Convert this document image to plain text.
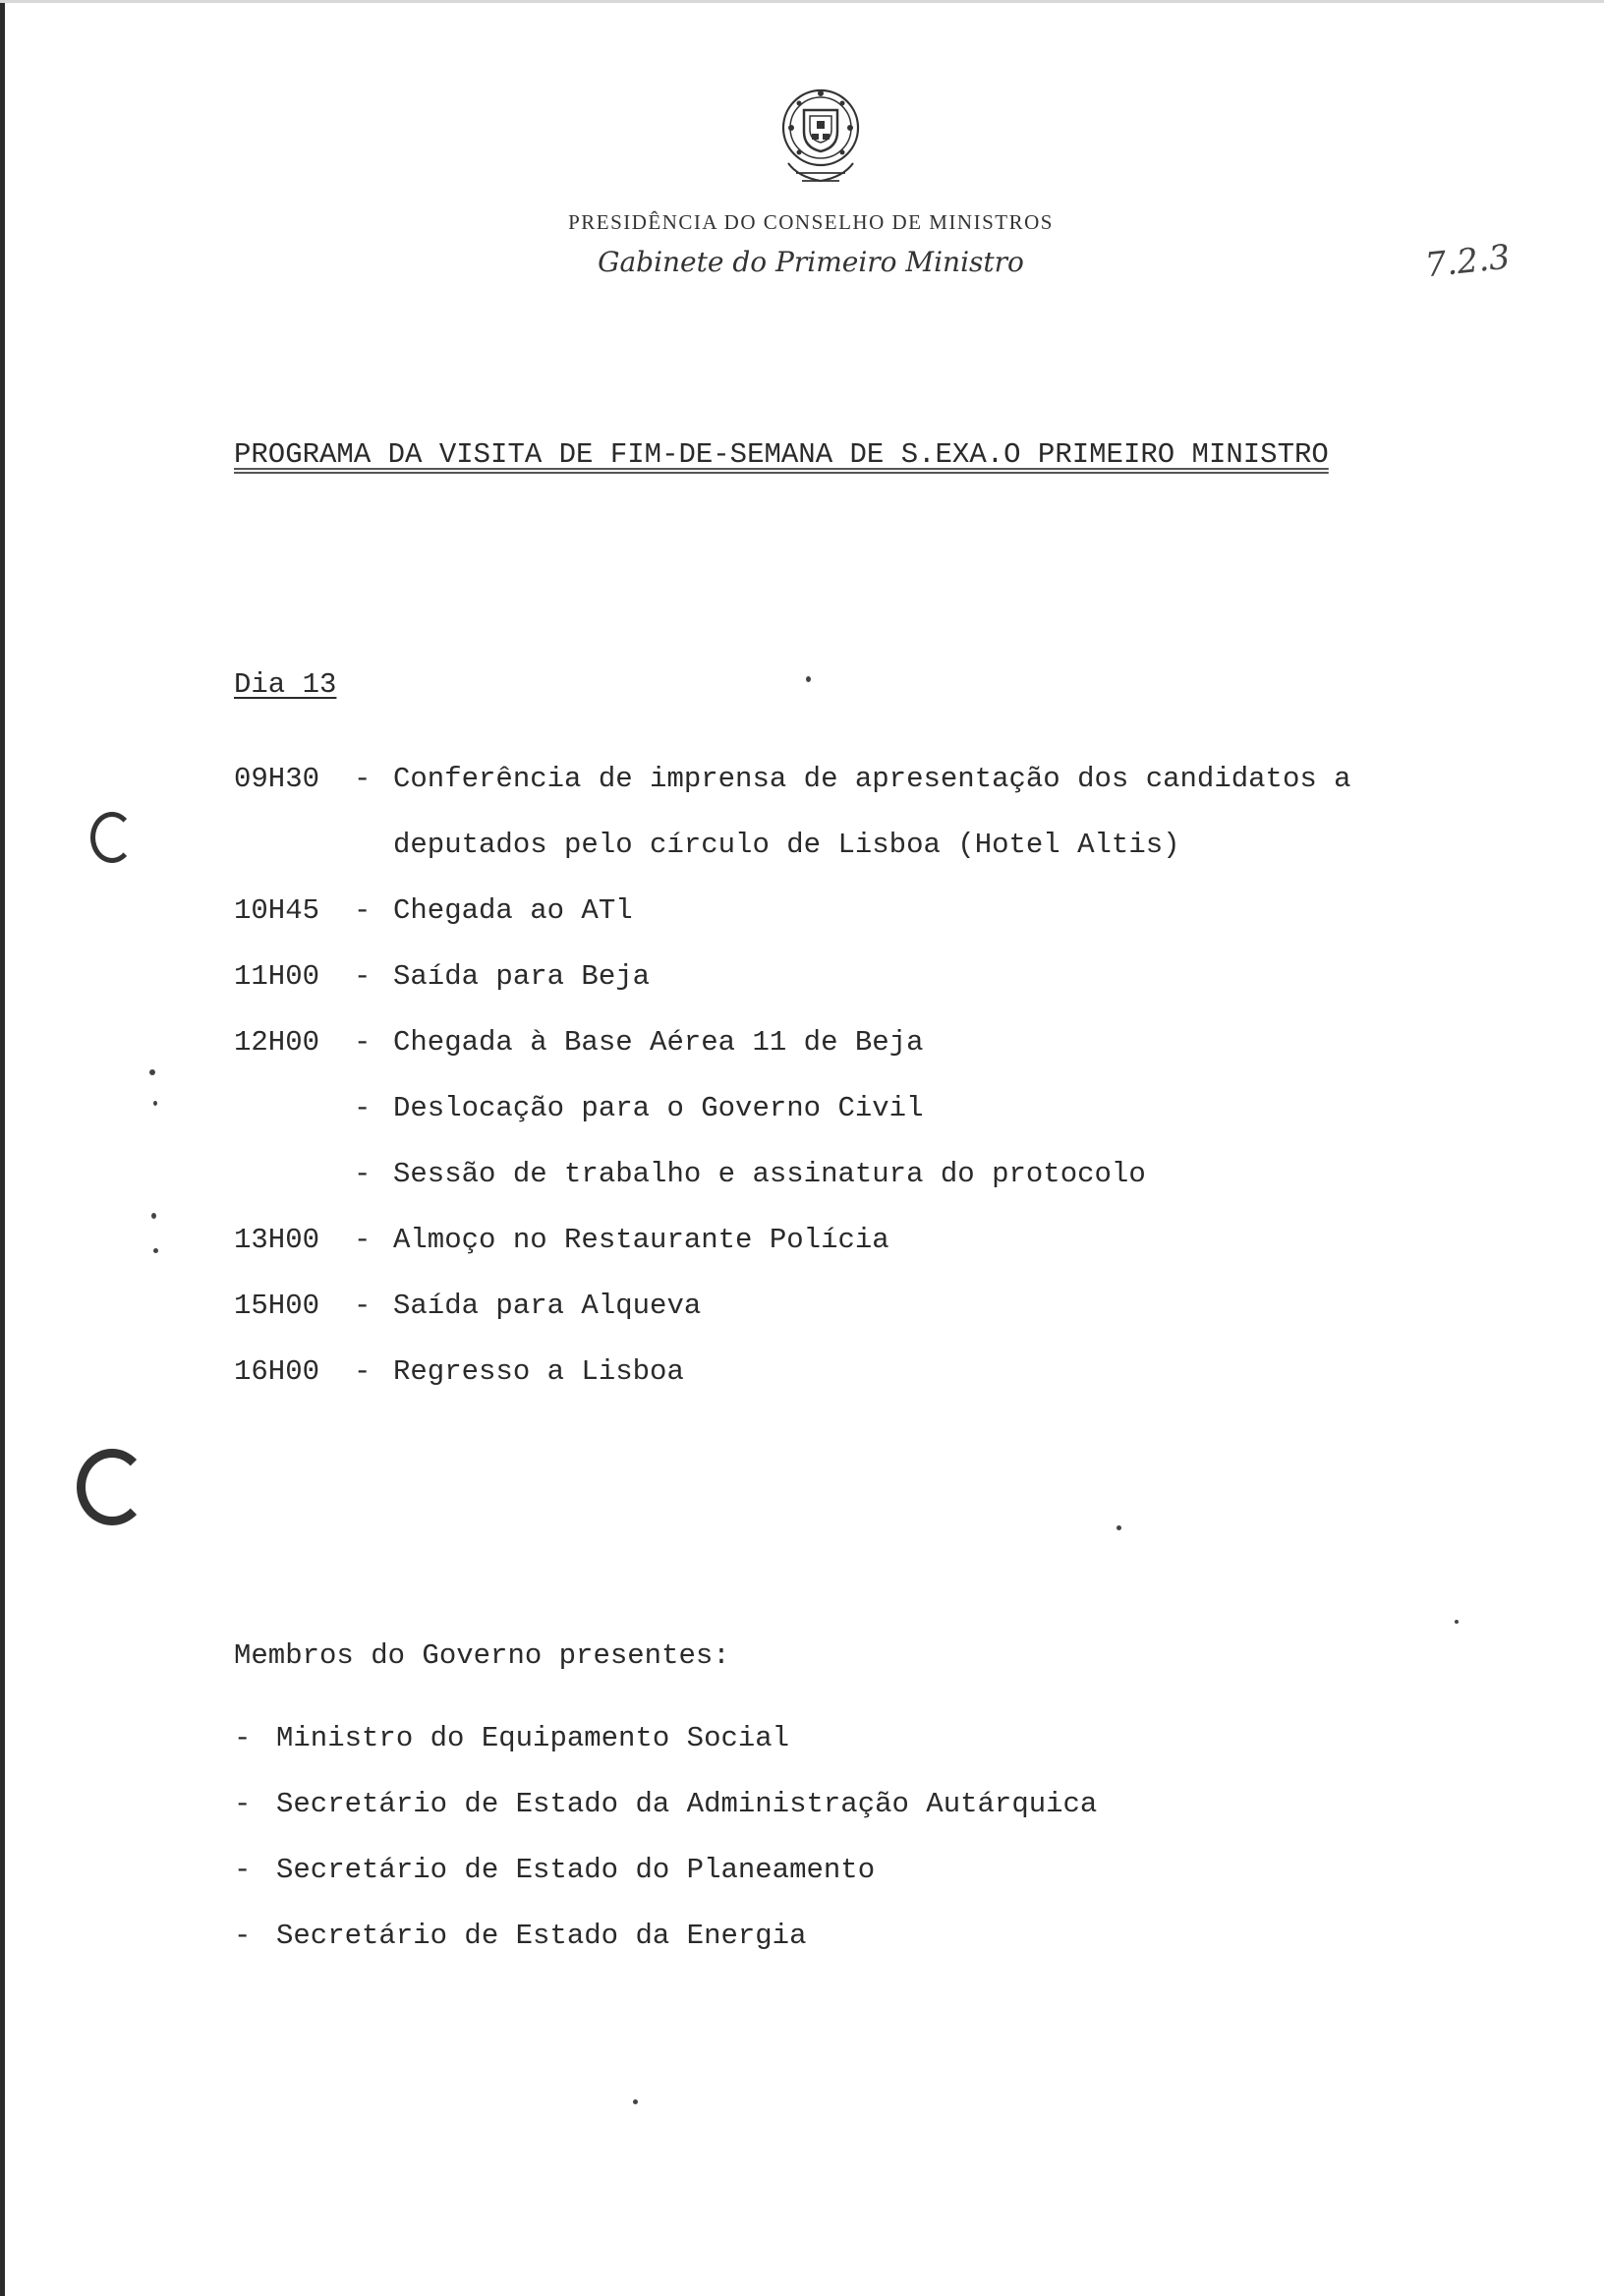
PRESIDÊNCIA DO CONSELHO DE MINISTROS
Gabinete do Primeiro Ministro	7.2.3
PROGRAMA DA VISITA DE FIM-DE-SEMANA DE S.EXA.O PRIMEIRO MINISTRO
Dia 13
09H30	- Conferência de imprensa de apresentação dos candidatos a
deputados pelo círculo de Lisboa (Hotel Altis)
10H45	- Chegada ao ATl
11H00	- Saída para Beja
12H00	- Chegada à Base Aérea 11 de Beja
- Deslocação para o Governo Civil
- Sessão de trabalho e assinatura do protocolo
13H00	- Almoço no Restaurante Polícia
15H00	- Saída para Alqueva
16H00	- Regresso a Lisboa
Membros do Governo presentes:
- Ministro do Equipamento Social
- Secretário de Estado da Administração Autárquica
- Secretário de Estado do Planeamento
- Secretário de Estado da Energia
